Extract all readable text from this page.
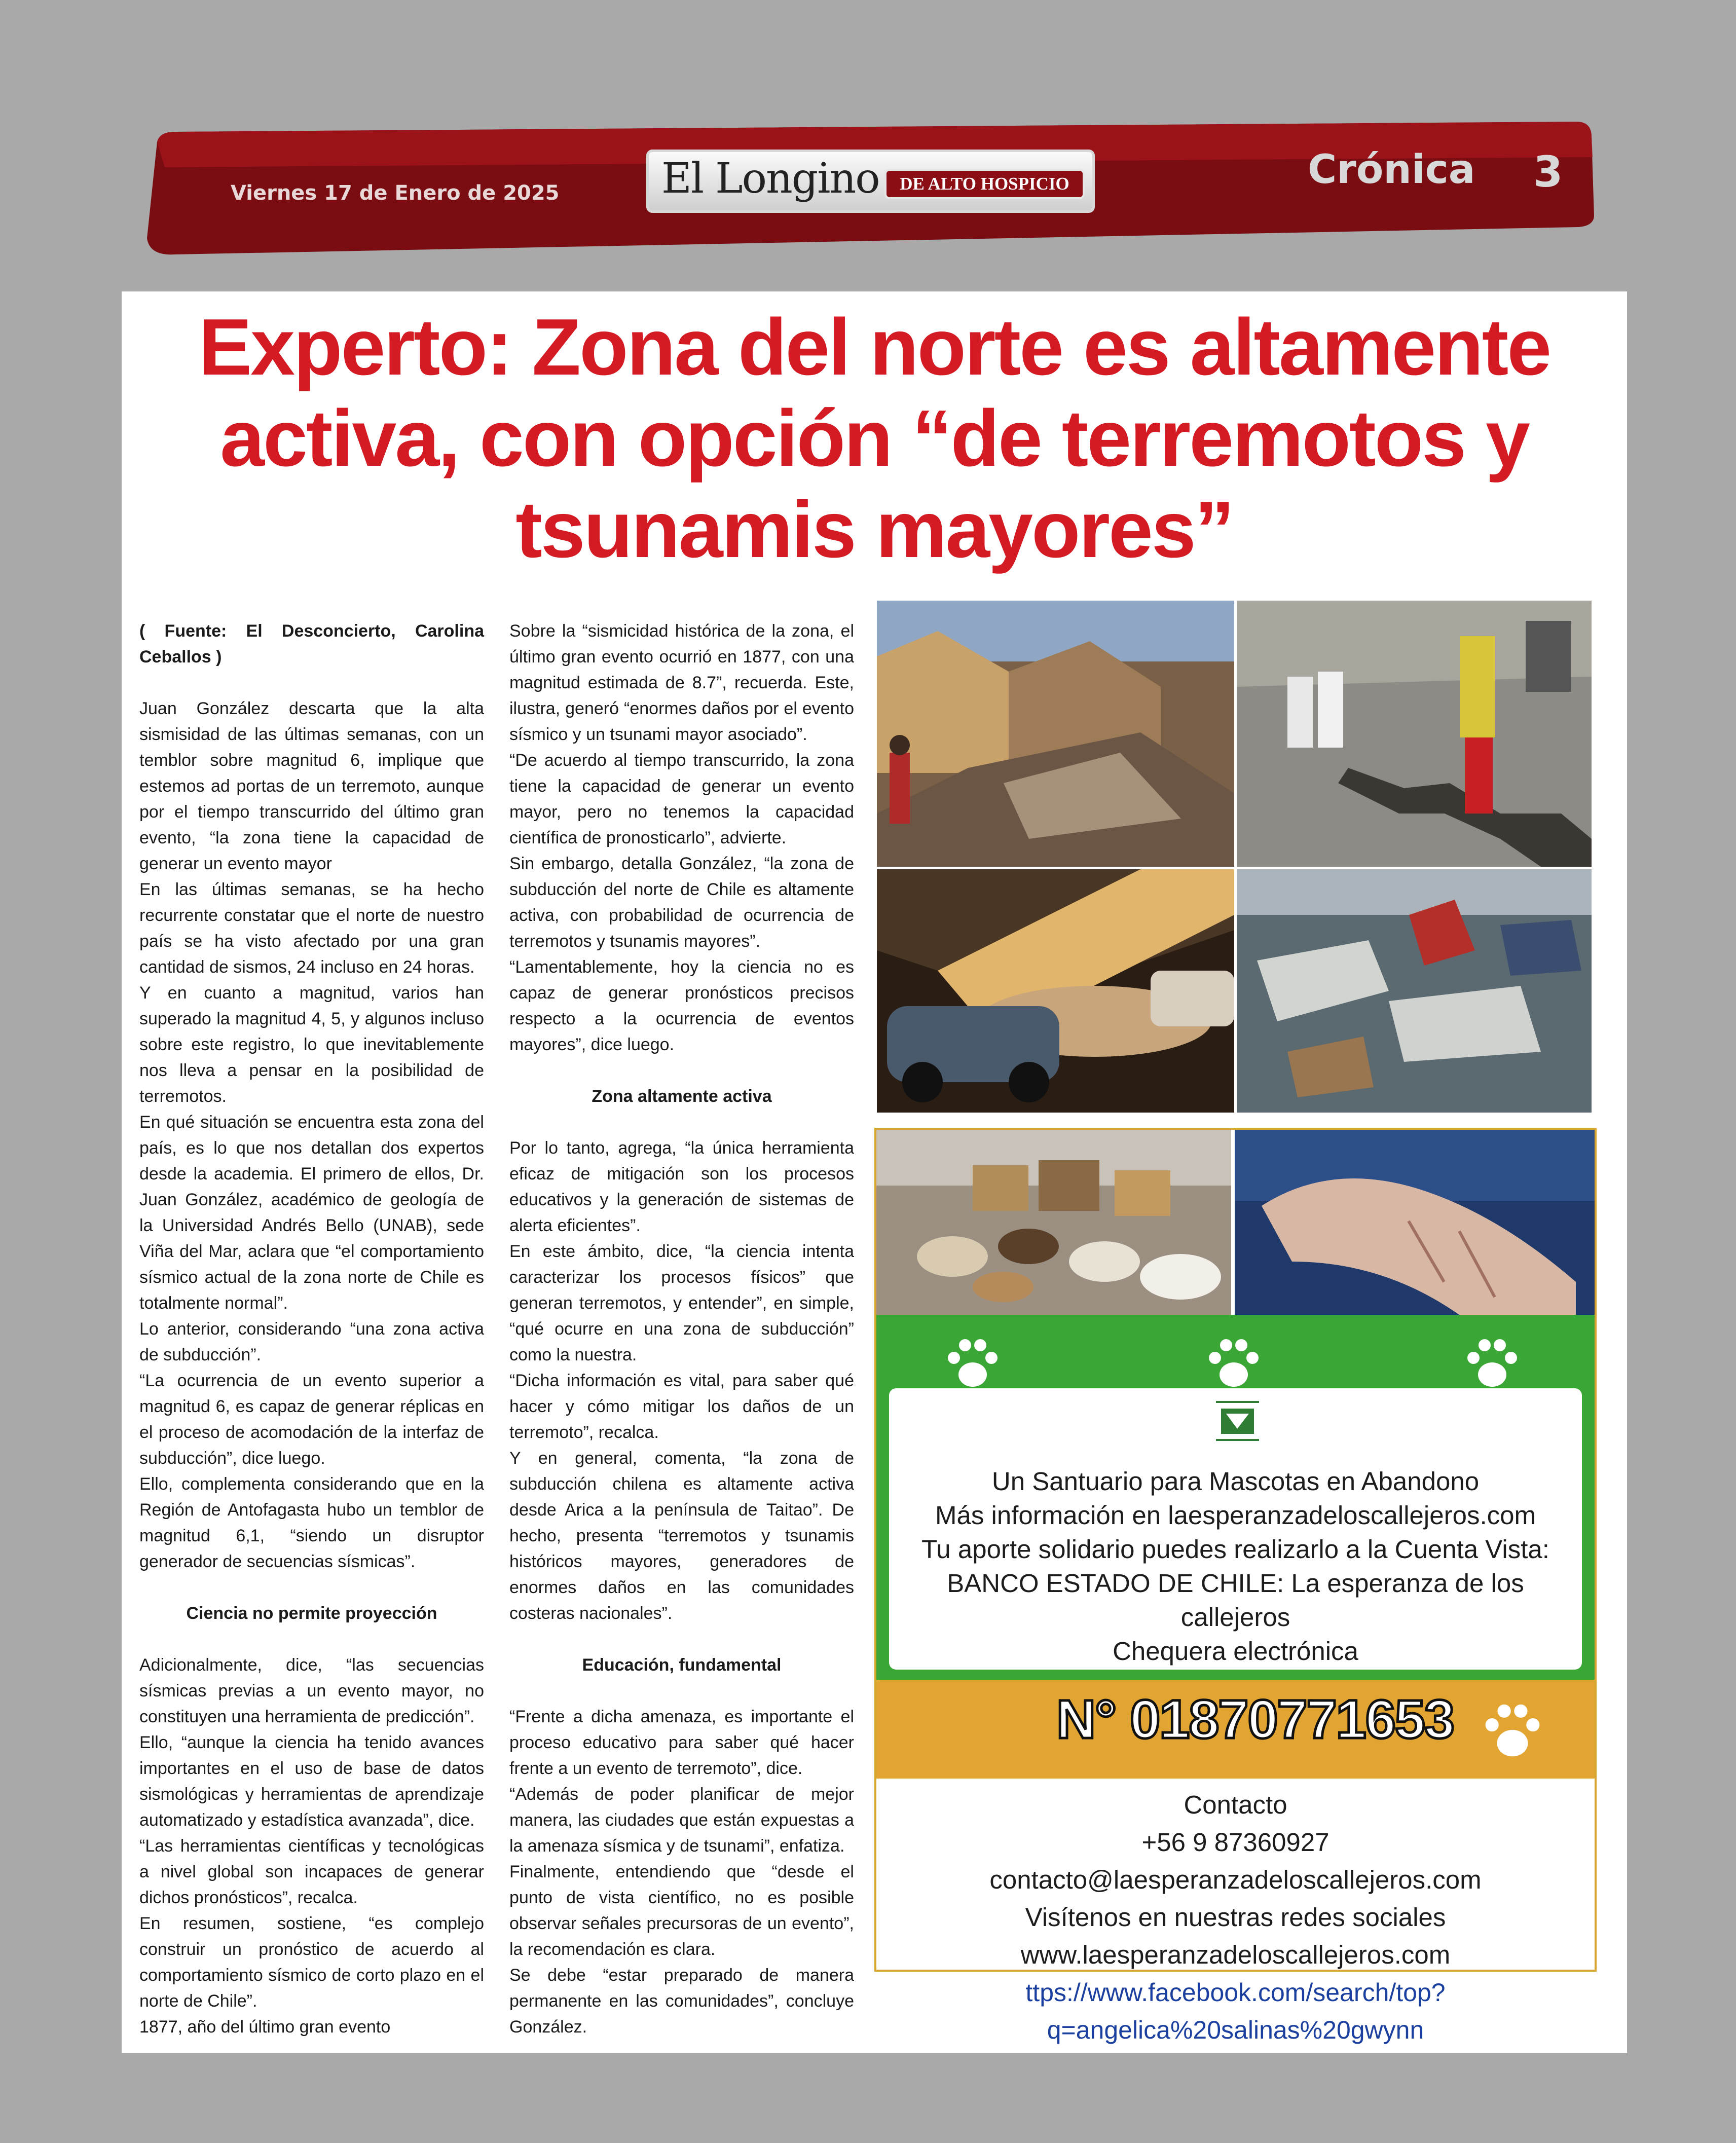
Viernes 17 de Enero de 2025 El Longino	DE ALTO HOSPICIO	Crónica 3
Experto: Zona del norte es altamente
activa, con opción “de terremotos y
tsunamis mayores”

( Fuente: El Desconcierto, Carolina Ceballos )

Juan González descarta que la alta sismisidad de las últimas semanas, con un temblor sobre magnitud 6, implique que estemos ad portas de un terremoto, aunque por el tiempo transcurrido del último gran evento, “la zona tiene la capacidad de generar un evento mayor

En las últimas semanas, se ha hecho recurrente constatar que el norte de nuestro país se ha visto afectado por una gran cantidad de sismos, 24 incluso en 24 horas.

Y en cuanto a magnitud, varios han superado la magnitud 4, 5, y algunos incluso sobre este registro, lo que inevitablemente nos lleva a pensar en la posibilidad de terremotos.

En qué situación se encuentra esta zona del país, es lo que nos detallan dos expertos desde la academia. El primero de ellos, Dr. Juan González, académico de geología de la Universidad Andrés Bello (UNAB), sede Viña del Mar, aclara que “el comportamiento sísmico actual de la zona norte de Chile es totalmente normal”.

Lo anterior, considerando “una zona activa de subducción”.

“La ocurrencia de un evento superior a magnitud 6, es capaz de generar réplicas en el proceso de acomodación de la interfaz de subducción”, dice luego.

Ello, complementa considerando que en la Región de Antofagasta hubo un temblor de magnitud 6,1, “siendo un disruptor generador de secuencias sísmicas”.

Ciencia no permite proyección

Adicionalmente, dice, “las secuencias sísmicas previas a un evento mayor, no constituyen una herramienta de predicción”.

Ello, “aunque la ciencia ha tenido avances importantes en el uso de base de datos sismológicas y herramientas de aprendizaje automatizado y estadística avanzada”, dice.

“Las herramientas científicas y tecnológicas a nivel global son incapaces de generar dichos pronósticos”, recalca.

En resumen, sostiene, “es complejo construir un pronóstico de acuerdo al comportamiento sísmico de corto plazo en el norte de Chile”.

1877, año del último gran evento

Sobre la “sismicidad histórica de la zona, el último gran evento ocurrió en 1877, con una magnitud estimada de 8.7”, recuerda. Este, ilustra, generó “enormes daños por el evento sísmico y un tsunami mayor asociado”.

“De acuerdo al tiempo transcurrido, la zona tiene la capacidad de generar un evento mayor, pero no tenemos la capacidad científica de pronosticarlo”, advierte.

Sin embargo, detalla González, “la zona de subducción del norte de Chile es altamente activa, con probabilidad de ocurrencia de terremotos y tsunamis mayores”.

“Lamentablemente, hoy la ciencia no es capaz de generar pronósticos precisos respecto a la ocurrencia de eventos mayores”, dice luego.

Zona altamente activa

Por lo tanto, agrega, “la única herramienta eficaz de mitigación son los procesos educativos y la generación de sistemas de alerta eficientes”.

En este ámbito, dice, “la ciencia intenta caracterizar los procesos físicos” que generan terremotos, y entender”, en simple, “qué ocurre en una zona de subducción” como la nuestra.

“Dicha información es vital, para saber qué hacer y cómo mitigar los daños de un terremoto”, recalca.

Y en general, comenta, “la zona de subducción chilena es altamente activa desde Arica a la península de Taitao”. De hecho, presenta “terremotos y tsunamis históricos mayores, generadores de enormes daños en las comunidades costeras nacionales”.

Educación, fundamental

“Frente a dicha amenaza, es importante el proceso educativo para saber qué hacer frente a un evento de terremoto”, dice.

“Además de poder planificar de mejor manera, las ciudades que están expuestas a la amenaza sísmica y de tsunami”, enfatiza.

Finalmente, entendiendo que “desde el punto de vista científico, no es posible observar señales precursoras de un evento”, la recomendación es clara.

Se debe “estar preparado de manera permanente en las comunidades”, concluye González.

Un Santuario para Mascotas en Abandono
Más información en laesperanzadeloscallejeros.com
Tu aporte solidario puedes realizarlo a la Cuenta Vista:
BANCO ESTADO DE CHILE: La esperanza de los callejeros
Chequera electrónica
N° 01870771653
Contacto
+56 9 87360927
contacto@laesperanzadeloscallejeros.com
Visítenos en nuestras redes sociales
www.laesperanzadeloscallejeros.com
ttps://www.facebook.com/search/top?q=angelica%20salinas%20gwynn
